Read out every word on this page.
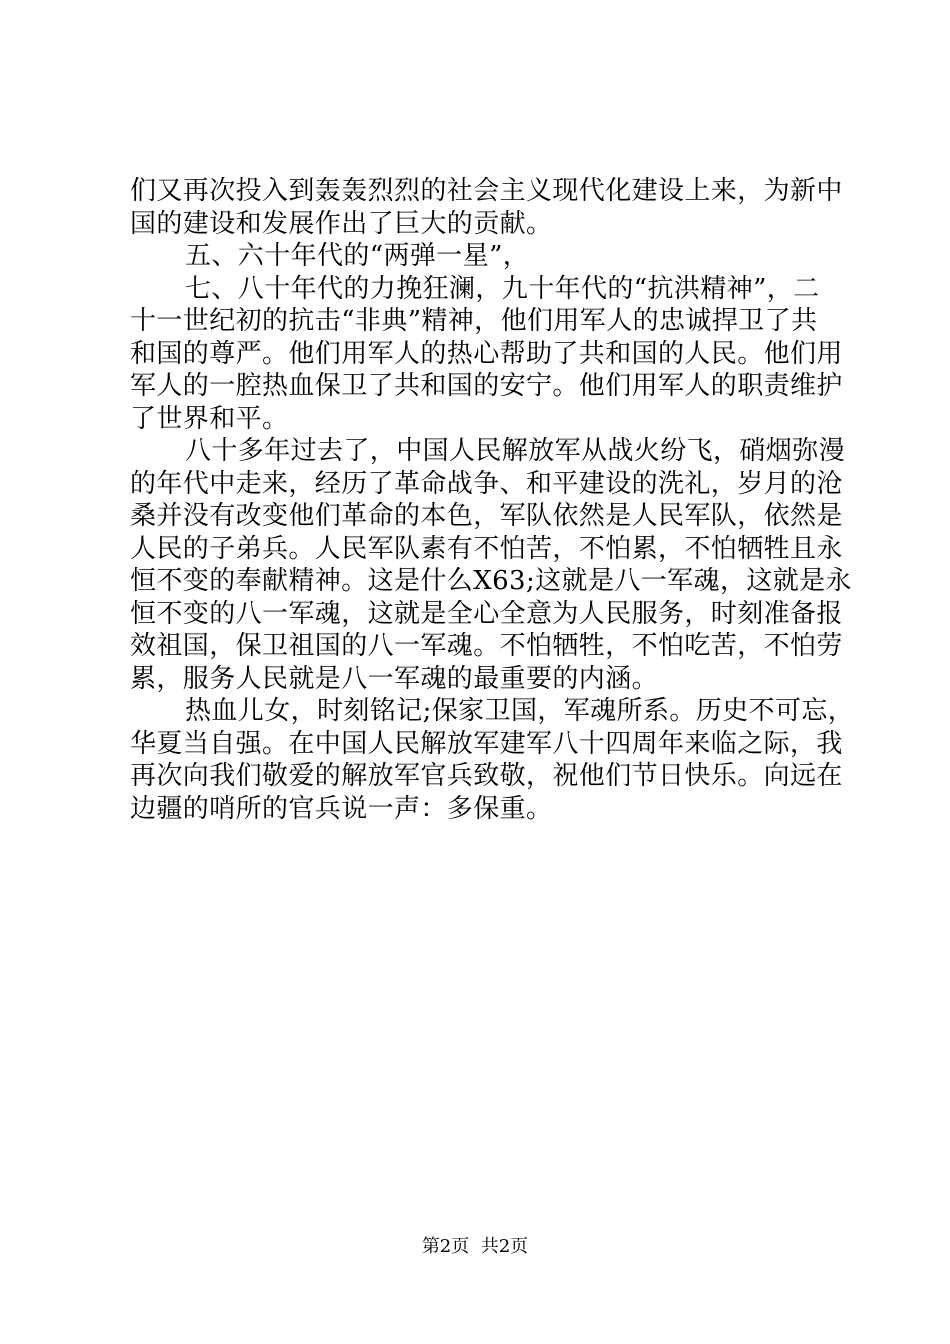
们又再次投入到轰轰烈烈的社会主义现代化建设上来，为新中
国的建设和发展作出了巨大的贡献。
五、六十年代的“两弹一星”，
七、八十年代的力挽狂澜，九十年代的“抗洪精神”，二
十一世纪初的抗击“非典”精神，他们用军人的忠诚捍卫了共
和国的尊严。他们用军人的热心帮助了共和国的人民。他们用
军人的一腔热血保卫了共和国的安宁。他们用军人的职责维护
了世界和平。
八十多年过去了，中国人民解放军从战火纷飞，硝烟弥漫
的年代中走来，经历了革命战争、和平建设的洗礼，岁月的沧
桑并没有改变他们革命的本色，军队依然是人民军队，依然是
人民的子弟兵。人民军队素有不怕苦，不怕累，不怕牺牲且永
恒不变的奉献精神。这是什么X63;这就是八一军魂，这就是永
恒不变的八一军魂，这就是全心全意为人民服务，时刻准备报
效祖国，保卫祖国的八一军魂。不怕牺牲，不怕吃苦，不怕劳
累，服务人民就是八一军魂的最重要的内涵。
热血儿女，时刻铭记;保家卫国，军魂所系。历史不可忘，
华夏当自强。在中国人民解放军建军八十四周年来临之际，我
再次向我们敬爱的解放军官兵致敬，祝他们节日快乐。向远在
边疆的哨所的官兵说一声：多保重。
第2页  共2页
